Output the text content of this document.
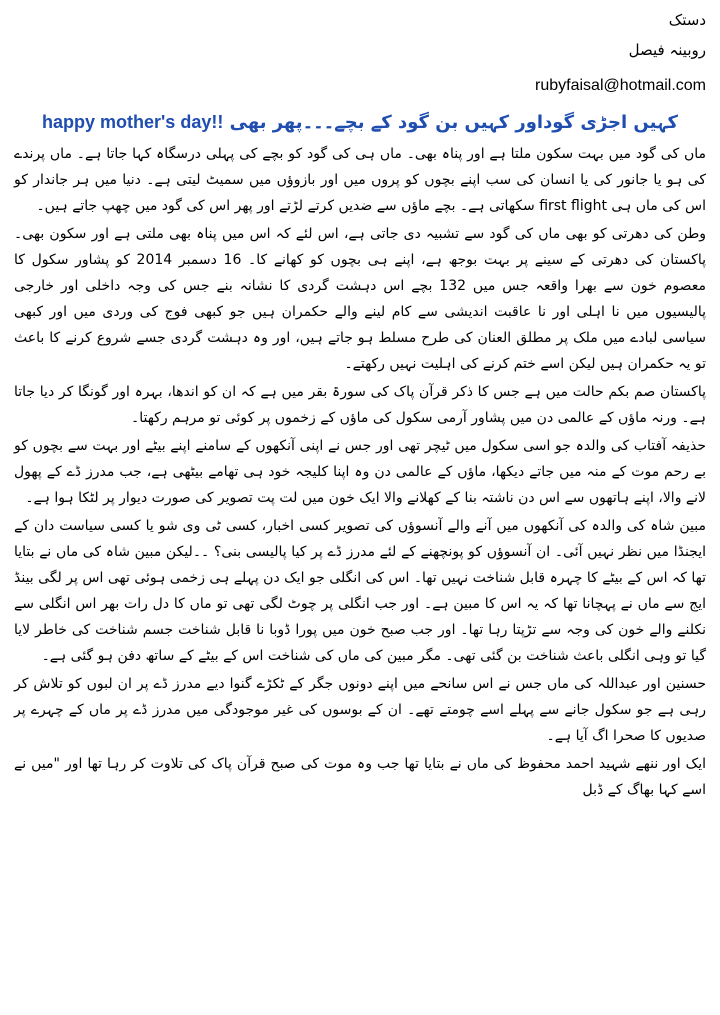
دستک
روبینہ فیصل
rubyfaisal@hotmail.com
کہیں اجڑی گوداور کہیں بن گود کے بچے۔۔۔پھر بھی happy mother's day!!

ماں کی گود میں بہت سکون ملتا ہے اور پناہ بھی۔ ماں ہی کی گود کو بچے کی پہلی درسگاہ کہا جاتا ہے۔ ماں پرندے کی ہو یا جانور کی یا انسان کی سب اپنے بچوں کو پروں میں اور بازوؤں میں سمیٹ لیتی ہے۔ دنیا میں ہر جاندار کو اس کی ماں ہی first flight سکھاتی ہے۔ بچے ماؤں سے ضدیں کرتے لڑتے اور پھر اس کی گود میں چھپ جاتے ہیں۔

وطن کی دھرتی کو بھی ماں کی گود سے تشبیہ دی جاتی ہے، اس لئے کہ اس میں پناہ بھی ملتی ہے اور سکون بھی۔ پاکستان کی دھرتی کے سینے پر بہت بوجھ ہے، اپنے ہی بچوں کو کھانے کا۔ 16 دسمبر 2014 کو پشاور سکول کا معصوم خون سے بھرا واقعہ جس میں 132 بچے اس دہشت گردی کا نشانہ بنے جس کی وجہ داخلی اور خارجی پالیسیوں میں نا اہلی اور نا عاقبت اندیشی سے کام لینے والے حکمران ہیں جو کبھی فوج کی وردی میں اور کبھی سیاسی لبادے میں ملک پر مطلق العنان کی طرح مسلط ہو جاتے ہیں، اور وہ دہشت گردی جسے شروع کرنے کا باعث تو یہ حکمران ہیں لیکن اسے ختم کرنے کی اہلیت نہیں رکھتے۔

پاکستان صم بکم حالت میں ہے جس کا ذکر قرآن پاک کی سورۃ بقر میں ہے کہ ان کو اندھا، بہرہ اور گونگا کر دیا جاتا ہے۔ ورنہ ماؤں کے عالمی دن میں پشاور آرمی سکول کی ماؤں کے زخموں پر کوئی تو مرہم رکھتا۔

حذیفہ آفتاب کی والدہ جو اسی سکول میں ٹیچر تھی اور جس نے اپنی آنکھوں کے سامنے اپنے بیٹے اور بہت سے بچوں کو بے رحم موت کے منہ میں جاتے دیکھا، ماؤں کے عالمی دن وہ اپنا کلیجہ خود ہی تھامے بیٹھی ہے، جب مدرز ڈے کے پھول لانے والا، اپنے ہاتھوں سے اس دن ناشتہ بنا کے کھلانے والا ایک خون میں لت پت تصویر کی صورت دیوار پر لٹکا ہوا ہے۔

مبین شاہ کی والدہ کی آنکھوں میں آنے والے آنسوؤں کی تصویر کسی اخبار، کسی ٹی وی شو یا کسی سیاست دان کے ایجنڈا میں نظر نہیں آئی۔ ان آنسوؤں کو پونچھنے کے لئے مدرز ڈے پر کیا پالیسی بنی؟ ۔۔لیکن مبین شاہ کی ماں نے بتایا تھا کہ اس کے بیٹے کا چہرہ قابل شناخت نہیں تھا۔ اس کی انگلی جو ایک دن پہلے ہی زخمی ہوئی تھی اس پر لگی بینڈ ایج سے ماں نے پہچانا تھا کہ یہ اس کا مبین ہے۔ اور جب انگلی پر چوٹ لگی تھی تو ماں کا دل رات بھر اس انگلی سے نکلنے والے خون کی وجہ سے تڑپتا رہا تھا۔ اور جب صبح خون میں پورا ڈوبا نا قابل شناخت جسم شناخت کی خاطر لایا گیا تو وہی انگلی باعث شناخت بن گئی تھی۔ مگر مبین کی ماں کی شناخت اس کے بیٹے کے ساتھ دفن ہو گئی ہے۔

حسنین اور عبداللہ کی ماں جس نے اس سانحے میں اپنے دونوں جگر کے ٹکڑے گنوا دیے مدرز ڈے پر ان لبوں کو تلاش کر رہی ہے جو سکول جانے سے پہلے اسے چومتے تھے۔ ان کے بوسوں کی غیر موجودگی میں مدرز ڈے پر ماں کے چہرے پر صدیوں کا صحرا اگ آیا ہے۔

ایک اور ننھے شہید احمد محفوظ کی ماں نے بتایا تھا جب وہ موت کی صبح قرآن پاک کی تلاوت کر رہا تھا اور "میں نے اسے کہا بھاگ کے ڈبل
